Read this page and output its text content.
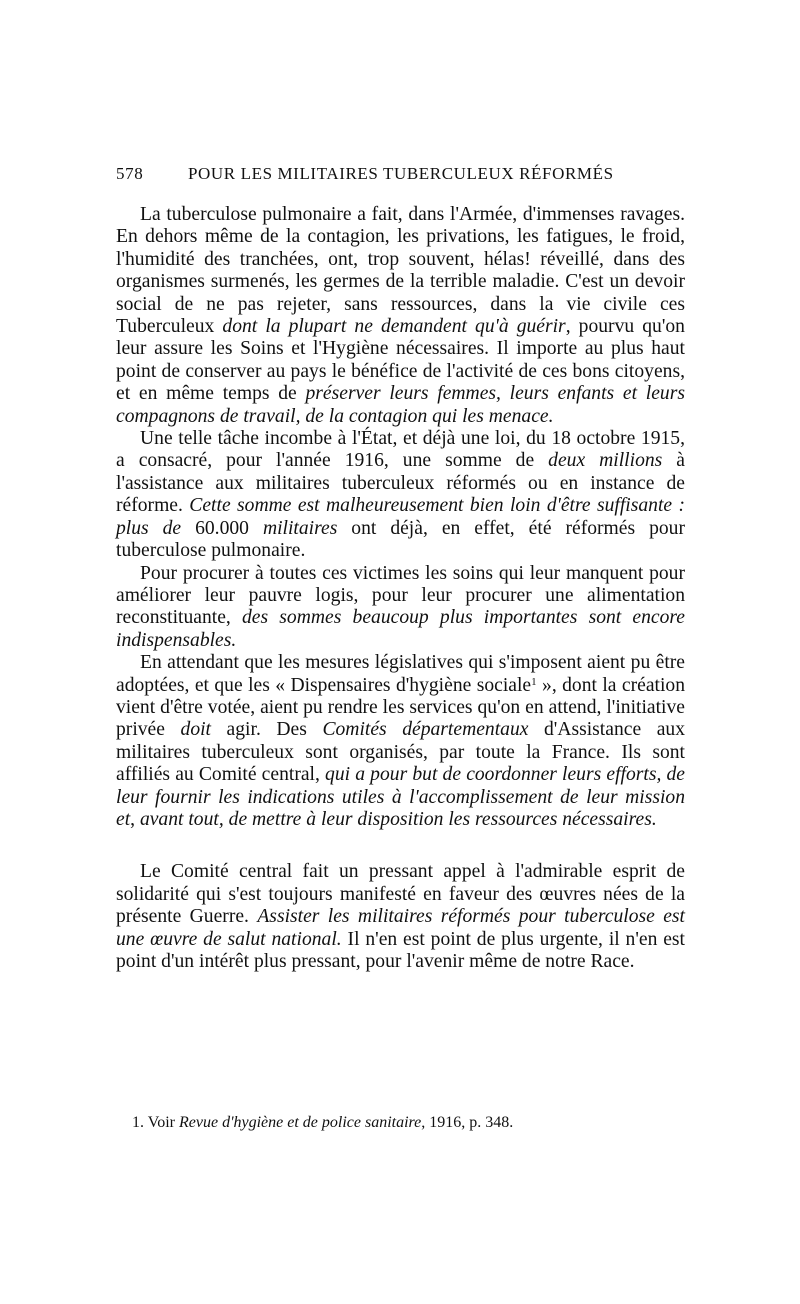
578	POUR LES MILITAIRES TUBERCULEUX RÉFORMÉS

La tuberculose pulmonaire a fait, dans l'Armée, d'immenses ravages. En dehors même de la contagion, les privations, les fatigues, le froid, l'humidité des tranchées, ont, trop souvent, hélas! réveillé, dans des organismes surmenés, les germes de la terrible maladie. C'est un devoir social de ne pas rejeter, sans ressources, dans la vie civile ces Tuberculeux dont la plupart ne demandent qu'à guérir, pourvu qu'on leur assure les Soins et l'Hygiène nécessaires. Il importe au plus haut point de conserver au pays le bénéfice de l'activité de ces bons citoyens, et en même temps de préserver leurs femmes, leurs enfants et leurs compagnons de travail, de la contagion qui les menace.

Une telle tâche incombe à l'État, et déjà une loi, du 18 octobre 1915, a consacré, pour l'année 1916, une somme de deux millions à l'assistance aux militaires tuberculeux réformés ou en instance de réforme. Cette somme est malheureusement bien loin d'être suffisante : plus de 60.000 militaires ont déjà, en effet, été réformés pour tuberculose pulmonaire.

Pour procurer à toutes ces victimes les soins qui leur manquent pour améliorer leur pauvre logis, pour leur procurer une alimentation reconstituante, des sommes beaucoup plus importantes sont encore indispensables.

En attendant que les mesures législatives qui s'imposent aient pu être adoptées, et que les « Dispensaires d'hygiène sociale$^1$ », dont la création vient d'être votée, aient pu rendre les services qu'on en attend, l'initiative privée doit agir. Des Comités départementaux d'Assistance aux militaires tuberculeux sont organisés, par toute la France. Ils sont affiliés au Comité central, qui a pour but de coordonner leurs efforts, de leur fournir les indications utiles à l'accomplissement de leur mission et, avant tout, de mettre à leur disposition les ressources nécessaires.

Le Comité central fait un pressant appel à l'admirable esprit de solidarité qui s'est toujours manifesté en faveur des œuvres nées de la présente Guerre. Assister les militaires réformés pour tuberculose est une œuvre de salut national. Il n'en est point de plus urgente, il n'en est point d'un intérêt plus pressant, pour l'avenir même de notre Race.

1. Voir Revue d'hygiène et de police sanitaire, 1916, p. 348.
